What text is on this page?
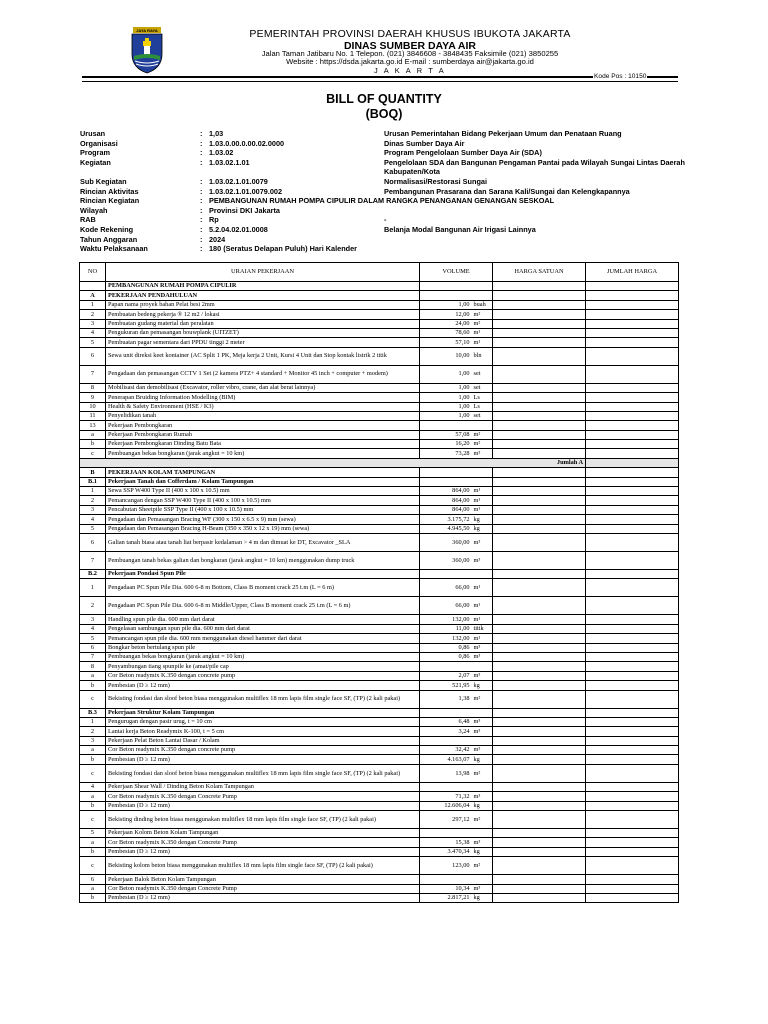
JAYA RAYA	PEMERINTAH PROVINSI DAERAH KHUSUS IBUKOTA JAKARTA
DINAS SUMBER DAYA AIR
Jalan Taman Jatibaru No. 1 Telepon. (021) 3846608 - 3848435 Faksimile (021) 3850255
Website : https://dsda.jakarta.go.id E-mail : sumberdaya air@jakarta.go.id
J A K A R T A
Kode Pos : 10150
BILL OF QUANTITY
(BOQ)
Urusan	: 1,03	Urusan Pemerintahan Bidang Pekerjaan Umum dan Penataan Ruang
Organisasi	: 1.03.0.00.0.00.02.0000	Dinas Sumber Daya Air
Program	: 1.03.02	Program Pengelolaan Sumber Daya Air (SDA)
Kegiatan	: 1.03.02.1.01	Pengelolaan SDA dan Bangunan Pengaman Pantai pada Wilayah Sungai Lintas Daerah Kabupaten/Kota
Sub Kegiatan	: 1.03.02.1.01.0079	Normalisasi/Restorasi Sungai
Rincian Aktivitas	: 1.03.02.1.01.0079.002	Pembangunan Prasarana dan Sarana Kali/Sungai dan Kelengkapannya
Rincian Kegiatan	: PEMBANGUNAN RUMAH POMPA CIPULIR DALAM RANGKA PENANGANAN GENANGAN SESKOAL
Wilayah	: Provinsi DKI Jakarta
RAB	: Rp	-
Kode Rekening	: 5.2.04.02.01.0008	Belanja Modal Bangunan Air Irigasi Lainnya
Tahun Anggaran	: 2024
Waktu Pelaksanaan	: 180 (Seratus Delapan Puluh) Hari Kalender
NO	URAIAN PEKERJAAN	VOLUME		HARGA SATUAN	JUMLAH HARGA
	PEMBANGUNAN RUMAH POMPA CIPULIR				
A	PEKERJAAN PENDAHULUAN				
1	Papan nama proyek bahan Pelat besi 2mm	1,00	buah		
2	Pembuatan bedeng pekerja ® 12 m2 / lokasi	12,00	m²		
3	Pembuatan gudang material dan peralatan	24,00	m²		
4	Pengukuran dan pemasangan bouwplank (UITZET)	78,60	m¹		
5	Pembuatan pagar sementara dari PPDU tinggi 2 meter	57,10	m¹		
6	Sewa unit direksi keet kontainer (AC Split 1 PK, Meja kerja 2 Unit, Kursi 4 Unit dan Stop kontak listrik 2 titik	10,00	bln		
7	Pengadaan dan pemasangan CCTV 1 Set (2 kamera PTZ+ 4 standard + Monitor 45 inch + computer + modem)	1,00	set		
8	Mobilisasi dan demobilisasi (Excavator, roller vibro, crane, dan alat berat lainnya)	1,00	set		
9	Penerapan Bruiding Information Modelling (BIM)	1,00	Ls		
10	Health & Safety Environment (HSE / K3)	1,00	Ls		
11	Penyelidikan tanah	1,00	set		
13	Pekerjaan Pembongkaran				
a	Pekerjaan Pembongkaran Rumah	57,08	m²		
b	Pekerjaan Pembongkaran Dinding Batu Bata	16,20	m²		
c	Pembuangan bekas bongkaran (jarak angkut = 10 km)	73,28	m³		
Jumlah A					
B	PEKERJAAN KOLAM TAMPUNGAN				
B.1	Pekerjaan Tanah dan Cofferdam / Kolam Tampungan				
1	Sewa SSP W400 Type II (400 x 100 x 10.5) mm	864,00	m¹		
2	Pemancangan dengan SSP W400 Type II (400 x 100 x 10.5) mm	864,00	m¹		
3	Pencabutan Sheetpile SSP Type II (400 x 100 x 10.5) mm	864,00	m¹		
4	Pengadaan dan Pemasangan Bracing WF (300 x 150 x 6.5 x 9) mm (sewa)	3.175,72	kg		
5	Pengadaan dan Pemasangan Bracing H-Beam (350 x 350 x 12 x 19) mm (sewa)	4.945,50	kg		
6	Galian tanah biasa atau tanah liat berpasir kedalaman > 4 m dan dimuat ke DT, Excavator _SLA	360,00	m³		
7	Pembuangan tanah bekas galian dan bongkaran (jarak angkut = 10 km) menggunakan dump truck	360,00	m³		
B.2	Pekerjaan Pondasi Spun Pile				
1	Pengadaan PC Spun Pile Dia. 600 6-8 m Bottom, Class B moment crack 25 t.m (L = 6 m)	66,00	m¹		
2	Pengadaan PC Spun Pile Dia. 600 6-8 m Middle/Upper, Class B moment crack 25 t.m (L = 6 m)	66,00	m¹		
3	Handling spun pile dia. 600 mm dari darat	132,00	m¹		
4	Pengelasan sambungan spun pile dia. 600 mm dari darat	11,00	titik		
5	Pemancangan spun pile dia. 600 mm menggunakan diesel hammer dari darat	132,00	m¹		
6	Bongkar beton bertulang spun pile	0,86	m³		
7	Pembuangan bekas bongkaran (jarak angkut = 10 km)	0,86	m³		
8	Penyambungan tiang spunpile ke (amat/pile cap				
a	Cor Beton readymix K.350 dengan concrete pump	2,07	m³		
b	Pembesian (D ≥ 12 mm)	521,95	kg		
c	Bekisting fondasi dan sloof beton biasa menggunakan multiflex 18 mm lapis film single face SF, (TP) (2 kali pakai)	1,38	m²		
B.3	Pekerjaan Struktur Kolam Tampungan				
1	Pengurugan dengan pasir urug, t = 10 cm	6,48	m³		
2	Lantai kerja Beton Readymix K-100, t = 5 cm	3,24	m³		
3	Pekerjaan Pelat Beton Lantai Dasar / Kolam				
a	Cor Beton readymix K.350 dengan concrete pump	32,42	m³		
b	Pembesian (D ≥ 12 mm)	4.163,07	kg		
c	Bekisting fondasi dan sloof beton biasa menggunakan multiflex 18 mm lapis film single face SF, (TP) (2 kali pakai)	13,98	m²		
4	Pekerjaan Shear Wall / Dinding Beton Kolam Tampungan				
a	Cor Beton readymix K.350 dengan Concrete Pump	71,32	m³		
b	Pembesian (D ≥ 12 mm)	12.606,04	kg		
c	Bekisting dinding beton biasa menggunakan multiflex 18 mm lapis film single face SF, (TP) (2 kali pakai)	297,12	m²		
5	Pekerjaan Kolom Beton Kolam Tampungan				
a	Cor Beton readymix K.350 dengan Concrete Pump	15,38	m³		
b	Pembesian (D ≥ 12 mm)	3.470,34	kg		
c	Bekisting kolom beton biasa menggunakan multiflex 18 mm lapis film single face SF, (TP) (2 kali pakai)	123,00	m²		
6	Pekerjaan Balok Beton Kolam Tampungan				
a	Cor Beton readymix K.350 dengan Concrete Pump	10,34	m³		
b	Pembesian (D ≥ 12 mm)	2.817,21	kg		
